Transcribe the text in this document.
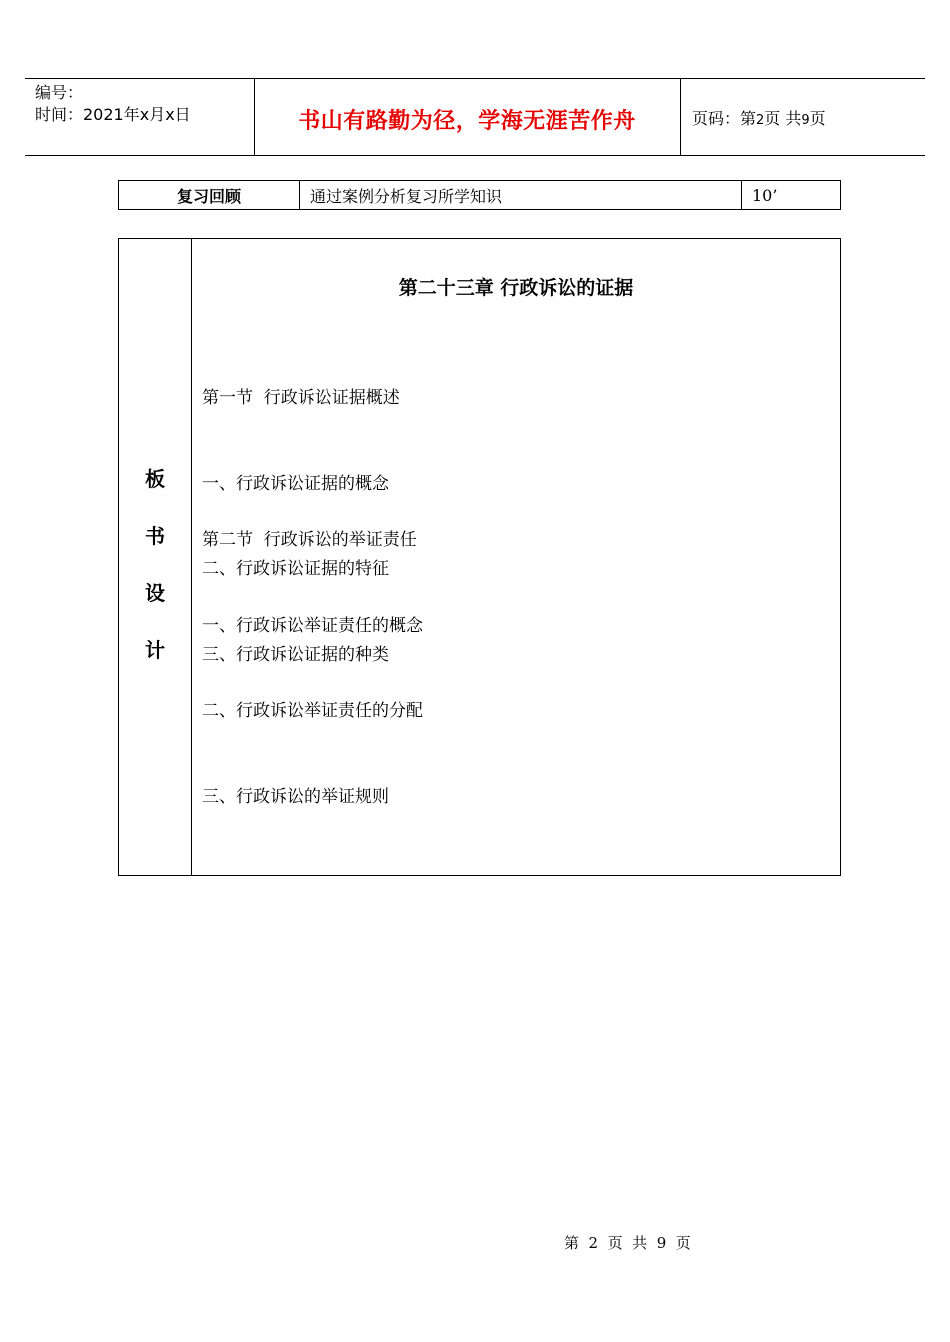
编号：
时间：2021年x月x日	书山有路勤为径，学海无涯苦作舟	页码：第2页 共9页
复习回顾	通过案例分析复习所学知识	10’
板
书
设
计
第二十三章 行政诉讼的证据

第一节  行政诉讼证据概述

一、行政诉讼证据的概念

二、行政诉讼证据的特征

三、行政诉讼证据的种类

第二节  行政诉讼的举证责任

一、行政诉讼举证责任的概念

二、行政诉讼举证责任的分配

三、行政诉讼的举证规则

第  2  页  共  9  页
